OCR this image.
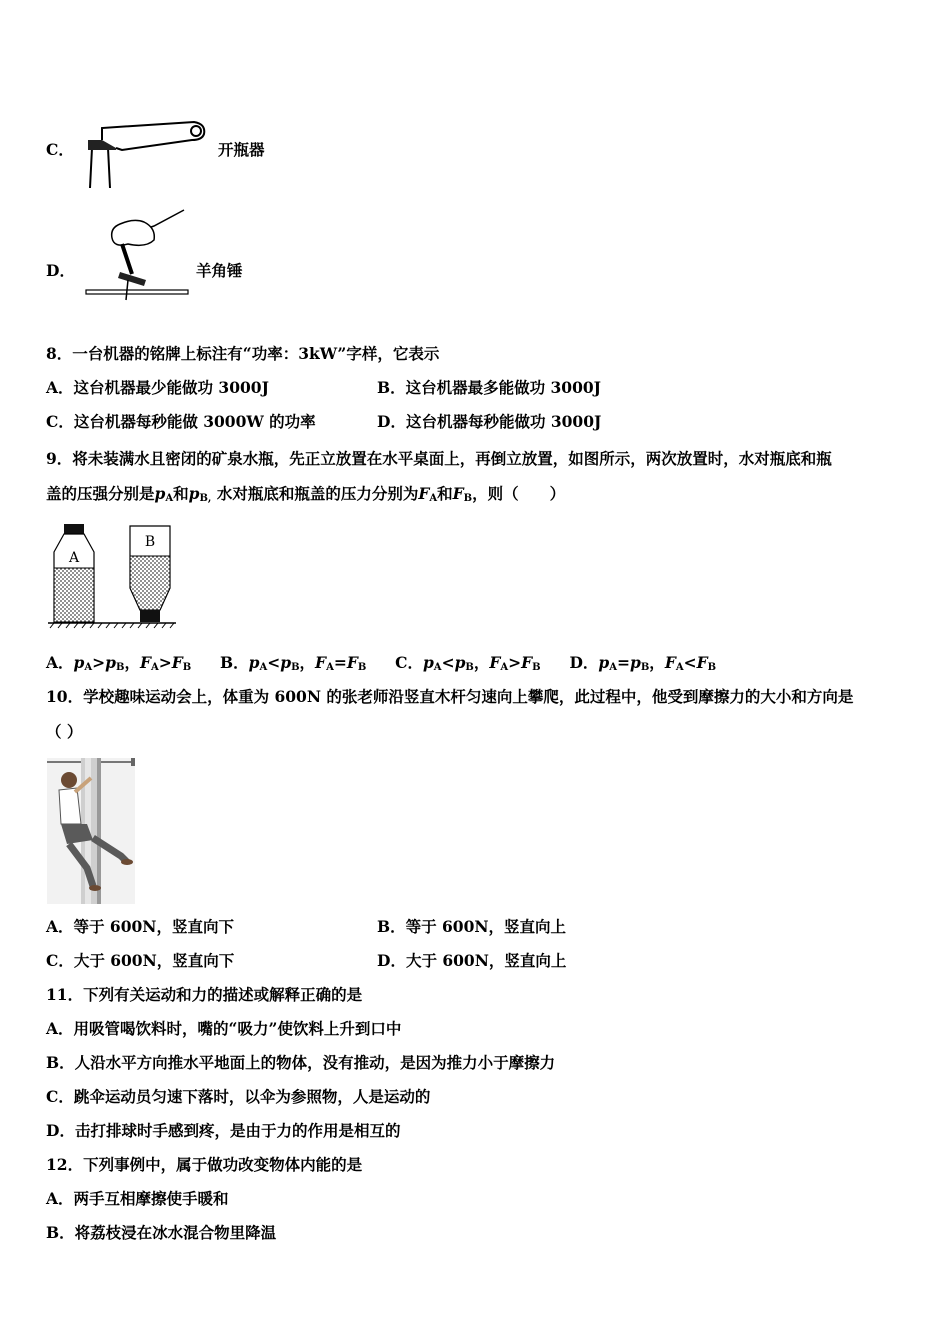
C．	开瓶器
D．	羊角锤
8．一台机器的铭牌上标注有“功率：3kW”字样，它表示
A．这台机器最少能做功 3000J	B．这台机器最多能做功 3000J
C．这台机器每秒能做 3000W 的功率	D．这台机器每秒能做功 3000J
9．将未装满水且密闭的矿泉水瓶，先正立放置在水平桌面上，再倒立放置，如图所示，两次放置时，水对瓶底和瓶
盖的压强分别是$p_A$和$p_{B,}$ 水对瓶底和瓶盖的压力分别为$F_A$和$F_B$，则（　　）
A
B
A．$p_A>p_B$，$F_A>F_B$ B．$p_A<p_B$，$F_A=F_B$ C．$p_A<p_B$，$F_A>F_B$ D．$p_A=p_B$，$F_A<F_B$
10．学校趣味运动会上，体重为 600N 的张老师沿竖直木杆匀速向上攀爬，此过程中，他受到摩擦力的大小和方向是
（ ）
A．等于 600N，竖直向下	B．等于 600N，竖直向上
C．大于 600N，竖直向下	D．大于 600N，竖直向上
11．下列有关运动和力的描述或解释正确的是
A．用吸管喝饮料时，嘴的“吸力”使饮料上升到口中
B．人沿水平方向推水平地面上的物体，没有推动，是因为推力小于摩擦力
C．跳伞运动员匀速下落时，以伞为参照物，人是运动的
D．击打排球时手感到疼，是由于力的作用是相互的
12．下列事例中，属于做功改变物体内能的是
A．两手互相摩擦使手暖和
B．将荔枝浸在冰水混合物里降温
